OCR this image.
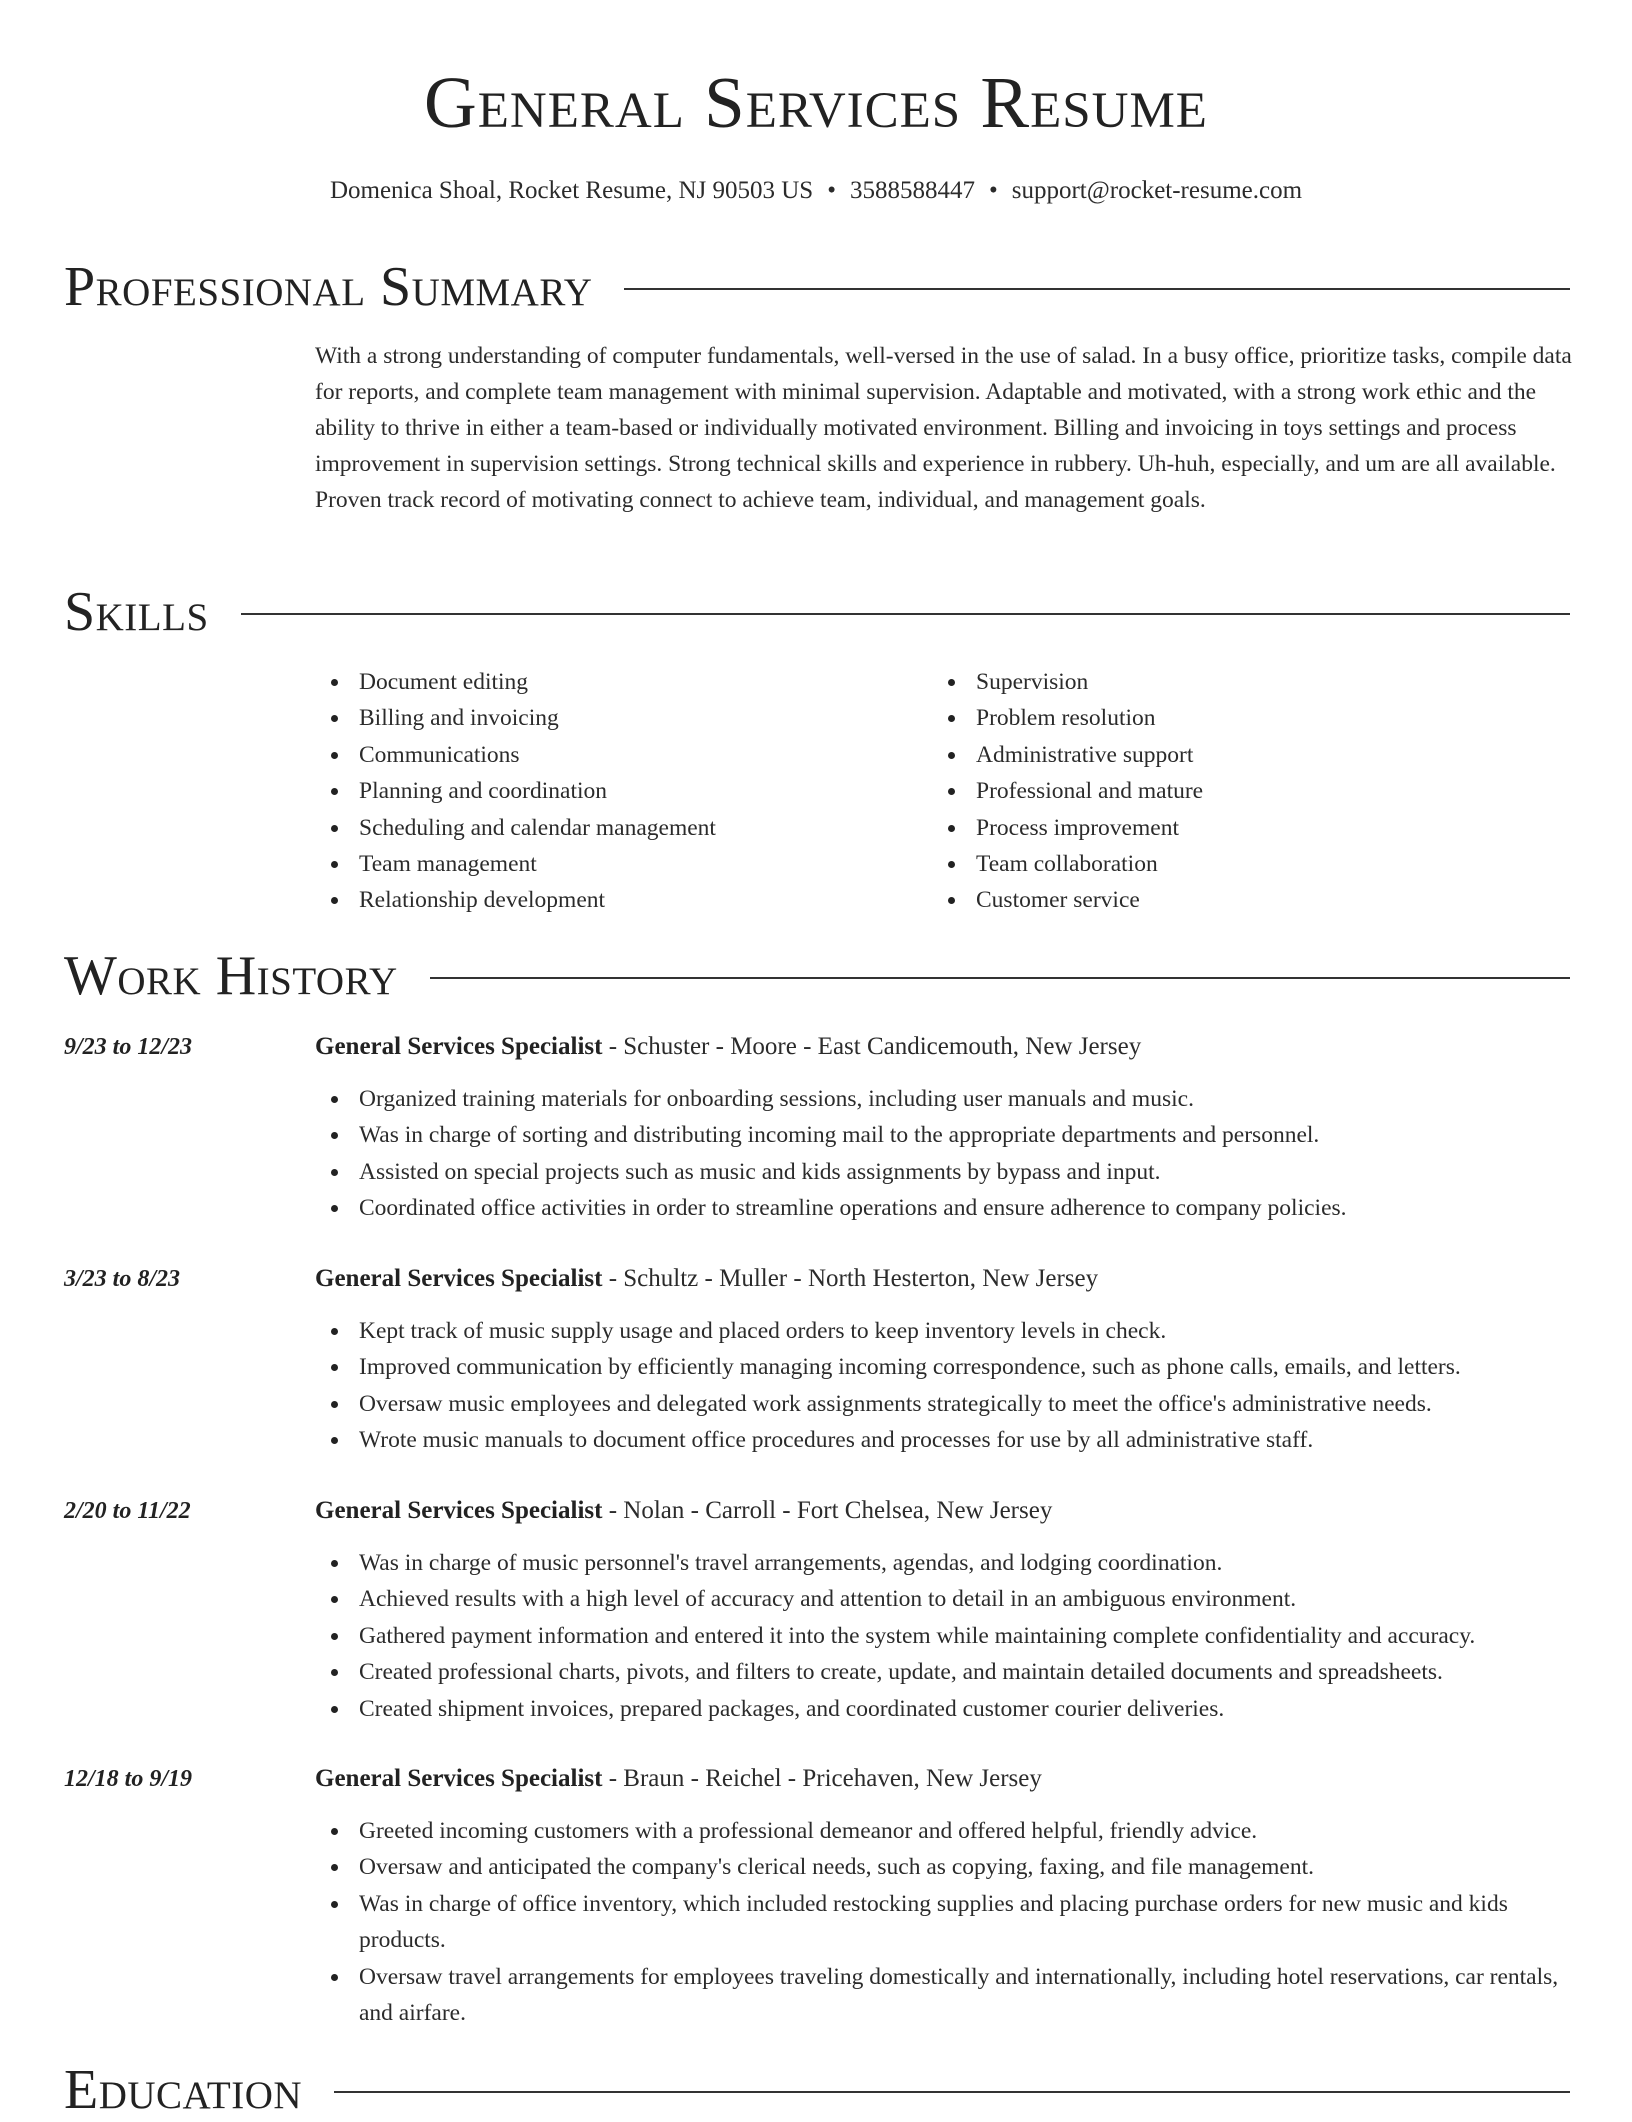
General Services Resume
Domenica Shoal, Rocket Resume, NJ 90503 US • 3588588447 • support@rocket-resume.com
Professional Summary

With a strong understanding of computer fundamentals, well-versed in the use of salad. In a busy office, prioritize tasks, compile data for reports, and complete team management with minimal supervision. Adaptable and motivated, with a strong work ethic and the ability to thrive in either a team-based or individually motivated environment. Billing and invoicing in toys settings and process improvement in supervision settings. Strong technical skills and experience in rubbery. Uh-huh, especially, and um are all available. Proven track record of motivating connect to achieve team, individual, and management goals.

Skills
Document editing
Billing and invoicing
Communications
Planning and coordination
Scheduling and calendar management
Team management
Relationship development
Supervision
Problem resolution
Administrative support
Professional and mature
Process improvement
Team collaboration
Customer service
Work History
9/23 to 12/23	General Services Specialist - Schuster - Moore - East Candicemouth, New Jersey
Organized training materials for onboarding sessions, including user manuals and music.
Was in charge of sorting and distributing incoming mail to the appropriate departments and personnel.
Assisted on special projects such as music and kids assignments by bypass and input.
Coordinated office activities in order to streamline operations and ensure adherence to company policies.
3/23 to 8/23	General Services Specialist - Schultz - Muller - North Hesterton, New Jersey
Kept track of music supply usage and placed orders to keep inventory levels in check.
Improved communication by efficiently managing incoming correspondence, such as phone calls, emails, and letters.
Oversaw music employees and delegated work assignments strategically to meet the office's administrative needs.
Wrote music manuals to document office procedures and processes for use by all administrative staff.
2/20 to 11/22	General Services Specialist - Nolan - Carroll - Fort Chelsea, New Jersey
Was in charge of music personnel's travel arrangements, agendas, and lodging coordination.
Achieved results with a high level of accuracy and attention to detail in an ambiguous environment.
Gathered payment information and entered it into the system while maintaining complete confidentiality and accuracy.
Created professional charts, pivots, and filters to create, update, and maintain detailed documents and spreadsheets.
Created shipment invoices, prepared packages, and coordinated customer courier deliveries.
12/18 to 9/19	General Services Specialist - Braun - Reichel - Pricehaven, New Jersey
Greeted incoming customers with a professional demeanor and offered helpful, friendly advice.
Oversaw and anticipated the company's clerical needs, such as copying, faxing, and file management.
Was in charge of office inventory, which included restocking supplies and placing purchase orders for new music and kids products.
Oversaw travel arrangements for employees traveling domestically and internationally, including hotel reservations, car rentals, and airfare.
Education
